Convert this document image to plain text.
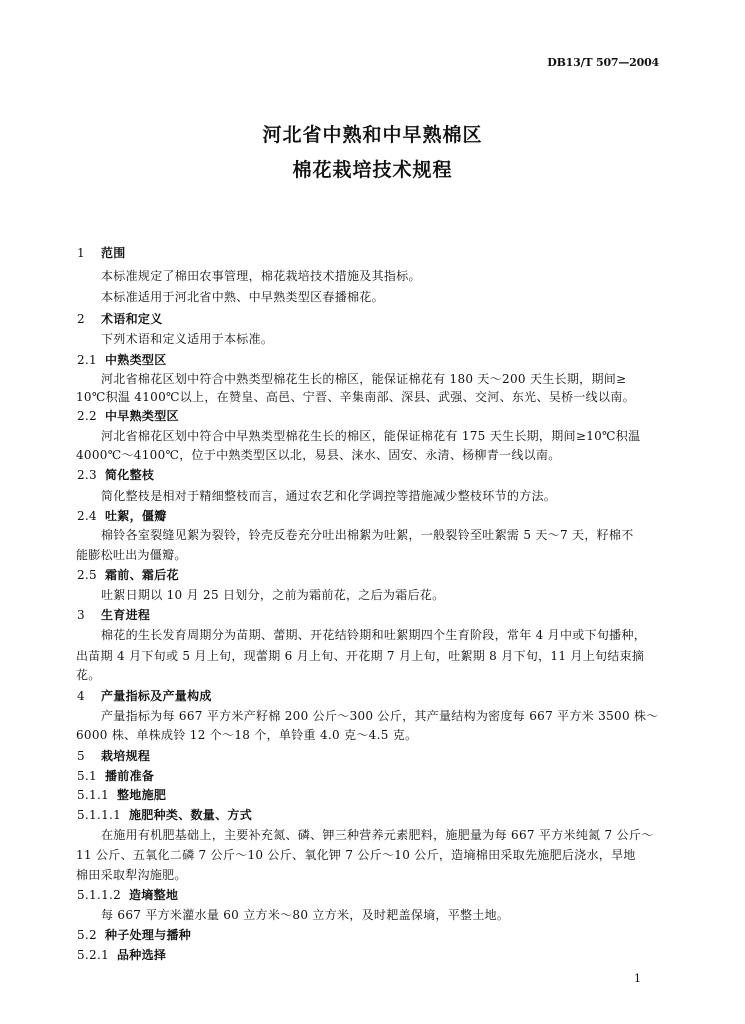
DB13/T 507—2004
河北省中熟和中早熟棉区
棉花栽培技术规程
1 范围
本标准规定了棉田农事管理，棉花栽培技术措施及其指标。
本标准适用于河北省中熟、中早熟类型区春播棉花。
2 术语和定义
下列术语和定义适用于本标准。
2.1 中熟类型区
河北省棉花区划中符合中熟类型棉花生长的棉区，能保证棉花有 180 天～200 天生长期，期间≥
10℃积温 4100℃以上，在赞皇、高邑、宁晋、辛集南部、深县、武强、交河、东光、吴桥一线以南。
2.2 中早熟类型区
河北省棉花区划中符合中早熟类型棉花生长的棉区，能保证棉花有 175 天生长期，期间≥10℃积温
4000℃～4100℃，位于中熟类型区以北，易县、涞水、固安、永清、杨柳青一线以南。
2.3 简化整枝
简化整枝是相对于精细整枝而言，通过农艺和化学调控等措施减少整枝环节的方法。
2.4 吐絮，僵瓣
棉铃各室裂缝见絮为裂铃，铃壳反卷充分吐出棉絮为吐絮，一般裂铃至吐絮需 5 天～7 天，籽棉不
能膨松吐出为僵瓣。
2.5 霜前、霜后花
吐絮日期以 10 月 25 日划分，之前为霜前花，之后为霜后花。
3 生育进程
棉花的生长发育周期分为苗期、蕾期、开花结铃期和吐絮期四个生育阶段，常年 4 月中或下旬播种，
出苗期 4 月下旬或 5 月上旬，现蕾期 6 月上旬、开花期 7 月上旬，吐絮期 8 月下旬，11 月上旬结束摘
花。
4 产量指标及产量构成
产量指标为每 667 平方米产籽棉 200 公斤～300 公斤，其产量结构为密度每 667 平方米 3500 株～
6000 株、单株成铃 12 个～18 个，单铃重 4.0 克～4.5 克。
5 栽培规程
5.1 播前准备
5.1.1 整地施肥
5.1.1.1 施肥种类、数量、方式
在施用有机肥基础上，主要补充氮、磷、钾三种营养元素肥料，施肥量为每 667 平方米纯氮 7 公斤～
11 公斤、五氧化二磷 7 公斤～10 公斤、氧化钾 7 公斤～10 公斤，造墒棉田采取先施肥后浇水，旱地
棉田采取犁沟施肥。
5.1.1.2 造墒整地
每 667 平方米灌水量 60 立方米～80 立方米，及时耙盖保墒，平整土地。
5.2 种子处理与播种
5.2.1 品种选择
1
